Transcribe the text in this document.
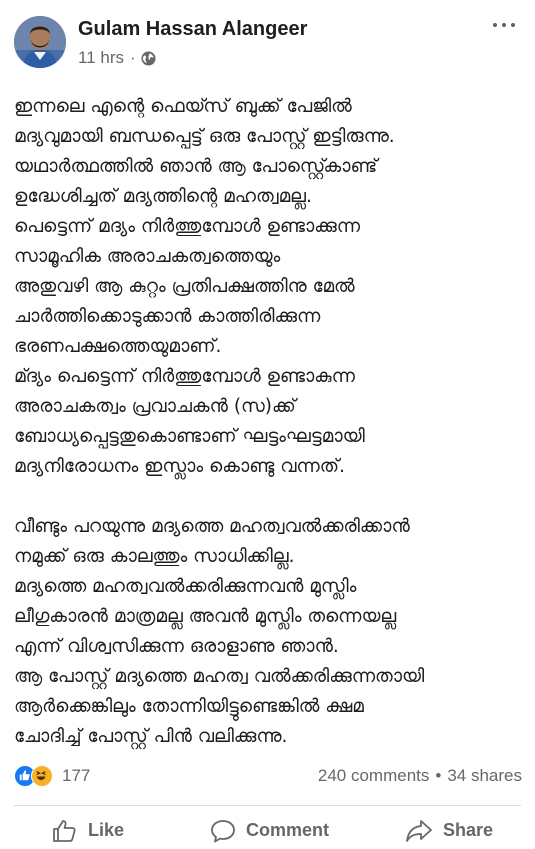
Gulam Hassan Alangeer
11 hrs ·

ഇന്നലെ എന്റെ ഫെയ്സ് ബുക്ക് പേജിൽ
മദ്യവുമായി ബന്ധപ്പെട്ട് ഒരു പോസ്റ്റ് ഇട്ടിരുന്നു.
യഥാർത്ഥത്തിൽ ഞാൻ ആ പോസ്റ്റ്കൊണ്ട്
ഉദ്ധേശിച്ചത് മദ്യത്തിന്റെ മഹത്വമല്ല.
പെട്ടെന്ന് മദ്യം നിർത്തുമ്പോൾ ഉണ്ടാക്കുന്ന
സാമൂഹിക അരാചകത്വത്തെയും
അതുവഴി ആ കുറ്റം പ്രതിപക്ഷത്തിനു മേൽ
ചാർത്തിക്കൊടുക്കാൻ കാത്തിരിക്കുന്ന
ഭരണപക്ഷത്തെയുമാണ്.
മ്ദ്യം പെട്ടെന്ന് നിർത്തുമ്പോൾ ഉണ്ടാകുന്ന
അരാചകത്വം പ്രവാചകൻ (സ)ക്ക്
ബോധ്യപ്പെട്ടതുകൊണ്ടാണ് ഘട്ടംഘട്ടമായി
മദ്യനിരോധനം ഇസ്ലാം കൊണ്ടു വന്നത്.

വീണ്ടും പറയുന്നു മദ്യത്തെ മഹത്വവൽക്കരിക്കാൻ
നമുക്ക് ഒരു കാലത്തും സാധിക്കില്ല.
മദ്യത്തെ മഹത്വവൽക്കരിക്കുന്നവൻ മുസ്ലിം
ലീഗുകാരൻ മാത്രമല്ല അവൻ മുസ്ലിം തന്നെയല്ല
എന്ന് വിശ്വസിക്കുന്ന ഒരാളാണു ഞാൻ.
ആ പോസ്റ്റ് മദ്യത്തെ മഹത്വ വൽക്കരിക്കുന്നതായി
ആർക്കെങ്കിലും തോന്നിയിട്ടുണ്ടെങ്കിൽ ക്ഷമ
ചോദിച്ച് പോസ്റ്റ് പിൻ വലിക്കുന്നു.

177	240 comments • 34 shares
Like	Comment	Share
